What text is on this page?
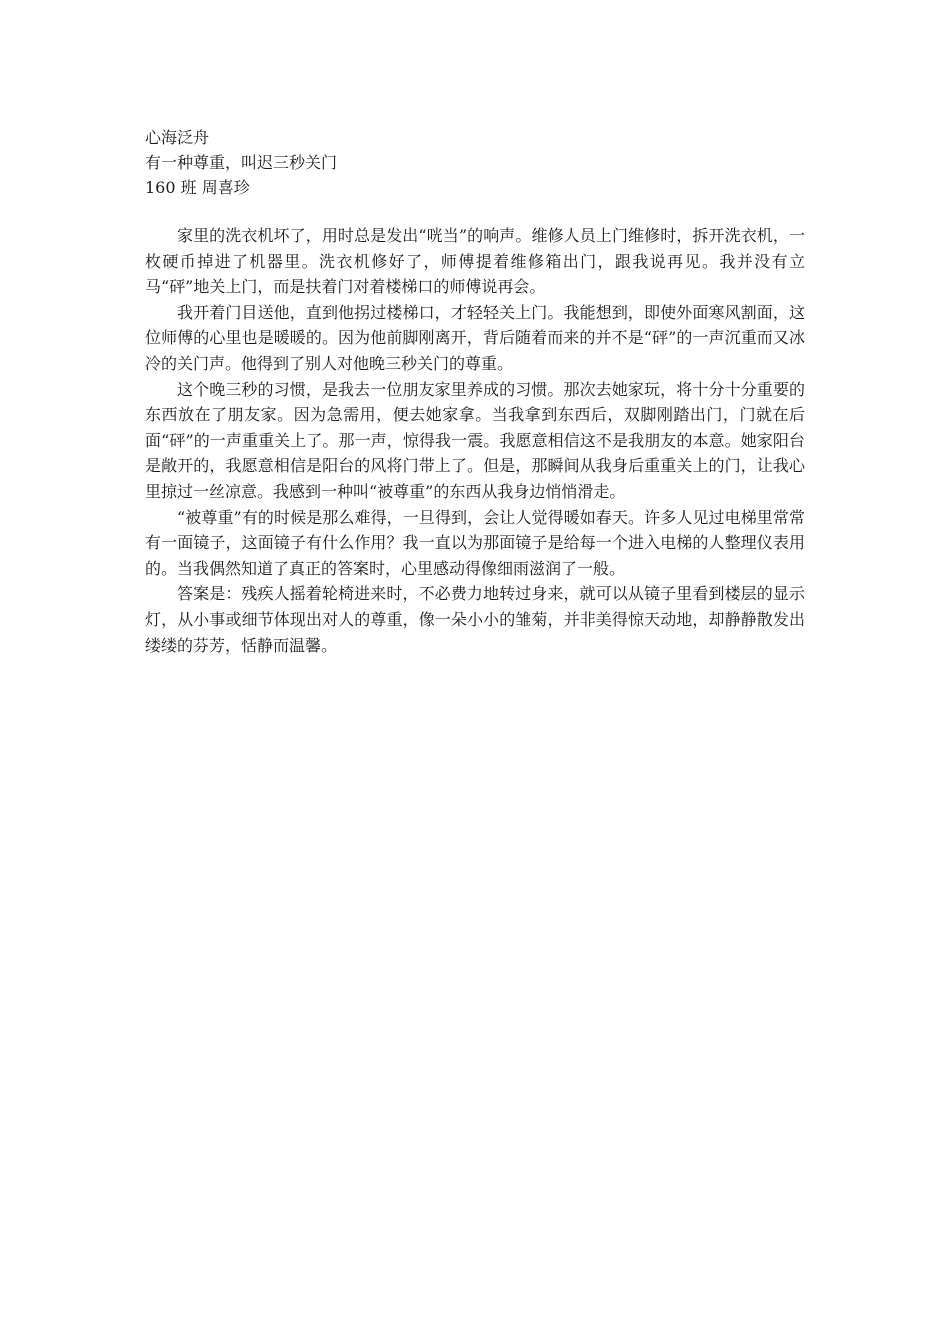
心海泛舟
有一种尊重，叫迟三秒关门
160 班 周喜珍

家里的洗衣机坏了，用时总是发出“咣当”的响声。维修人员上门维修时，拆开洗衣机，一枚硬币掉进了机器里。洗衣机修好了，师傅提着维修箱出门，跟我说再见。我并没有立马“砰”地关上门，而是扶着门对着楼梯口的师傅说再会。

我开着门目送他，直到他拐过楼梯口，才轻轻关上门。我能想到，即使外面寒风割面，这位师傅的心里也是暖暖的。因为他前脚刚离开，背后随着而来的并不是“砰”的一声沉重而又冰冷的关门声。他得到了别人对他晚三秒关门的尊重。

这个晚三秒的习惯，是我去一位朋友家里养成的习惯。那次去她家玩，将十分十分重要的东西放在了朋友家。因为急需用，便去她家拿。当我拿到东西后，双脚刚踏出门，门就在后面“砰”的一声重重关上了。那一声，惊得我一震。我愿意相信这不是我朋友的本意。她家阳台是敞开的，我愿意相信是阳台的风将门带上了。但是，那瞬间从我身后重重关上的门，让我心里掠过一丝凉意。我感到一种叫“被尊重”的东西从我身边悄悄滑走。

“被尊重”有的时候是那么难得，一旦得到，会让人觉得暖如春天。许多人见过电梯里常常有一面镜子，这面镜子有什么作用？我一直以为那面镜子是给每一个进入电梯的人整理仪表用的。当我偶然知道了真正的答案时，心里感动得像细雨滋润了一般。

答案是：残疾人摇着轮椅进来时，不必费力地转过身来，就可以从镜子里看到楼层的显示灯，从小事或细节体现出对人的尊重，像一朵小小的雏菊，并非美得惊天动地，却静静散发出缕缕的芬芳，恬静而温馨。
